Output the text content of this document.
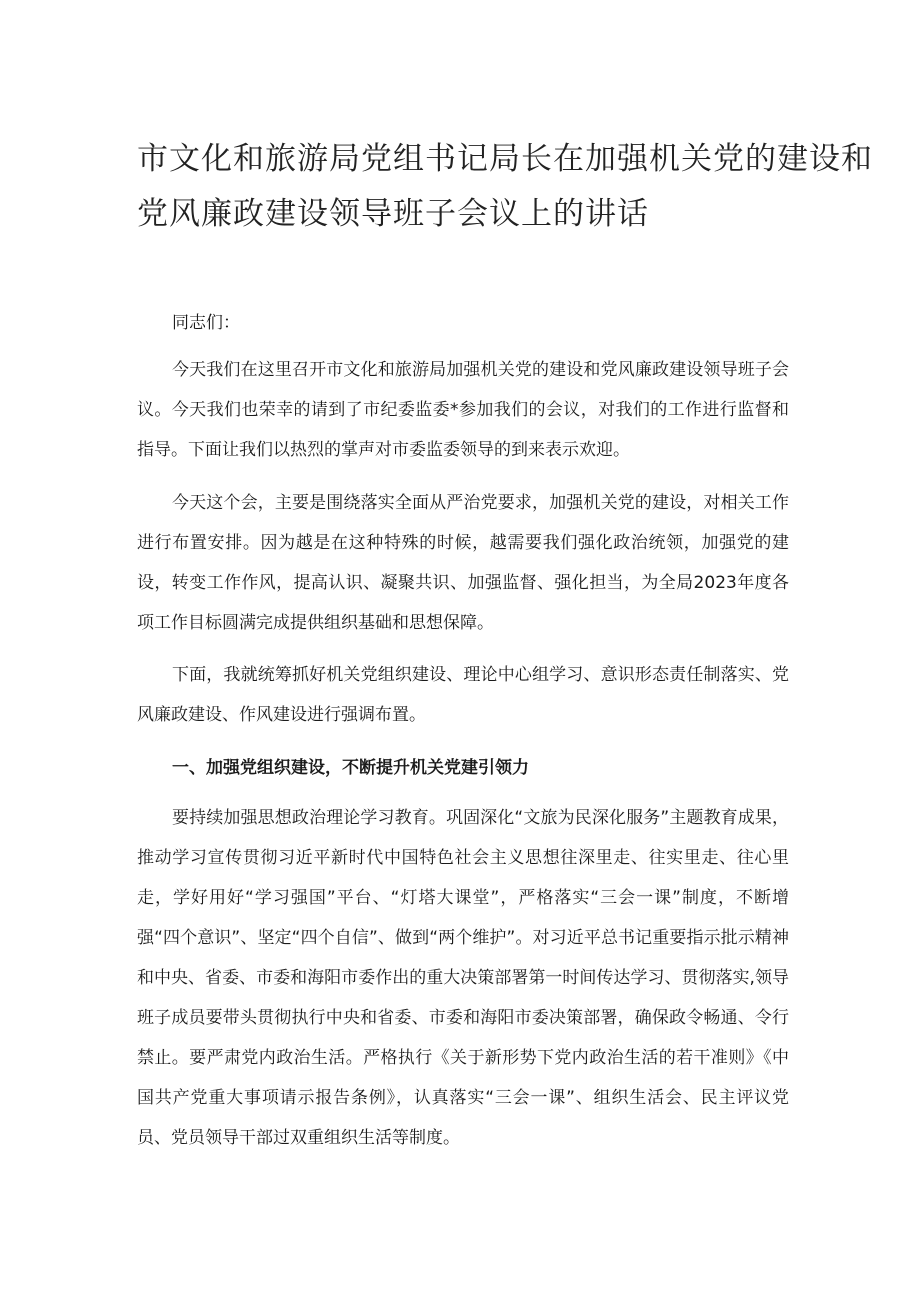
市文化和旅游局党组书记局长在加强机关党的建设和
党风廉政建设领导班子会议上的讲话

同志们：

今天我们在这里召开市文化和旅游局加强机关党的建设和党风廉政建设领导班子会议。今天我们也荣幸的请到了市纪委监委*参加我们的会议，对我们的工作进行监督和指导。下面让我们以热烈的掌声对市委监委领导的到来表示欢迎。

今天这个会，主要是围绕落实全面从严治党要求，加强机关党的建设，对相关工作进行布置安排。因为越是在这种特殊的时候，越需要我们强化政治统领，加强党的建设，转变工作作风，提高认识、凝聚共识、加强监督、强化担当，为全局2023年度各项工作目标圆满完成提供组织基础和思想保障。

下面，我就统筹抓好机关党组织建设、理论中心组学习、意识形态责任制落实、党风廉政建设、作风建设进行强调布置。

一、加强党组织建设，不断提升机关党建引领力

要持续加强思想政治理论学习教育。巩固深化“文旅为民深化服务”主题教育成果，推动学习宣传贯彻习近平新时代中国特色社会主义思想往深里走、往实里走、往心里走，学好用好“学习强国”平台、“灯塔大课堂”，严格落实“三会一课”制度，不断增强“四个意识”、坚定“四个自信”、做到“两个维护”。对习近平总书记重要指示批示精神和中央、省委、市委和海阳市委作出的重大决策部署第一时间传达学习、贯彻落实,领导班子成员要带头贯彻执行中央和省委、市委和海阳市委决策部署，确保政令畅通、令行禁止。要严肃党内政治生活。严格执行《关于新形势下党内政治生活的若干准则》《中国共产党重大事项请示报告条例》，认真落实“三会一课”、组织生活会、民主评议党员、党员领导干部过双重组织生活等制度。
